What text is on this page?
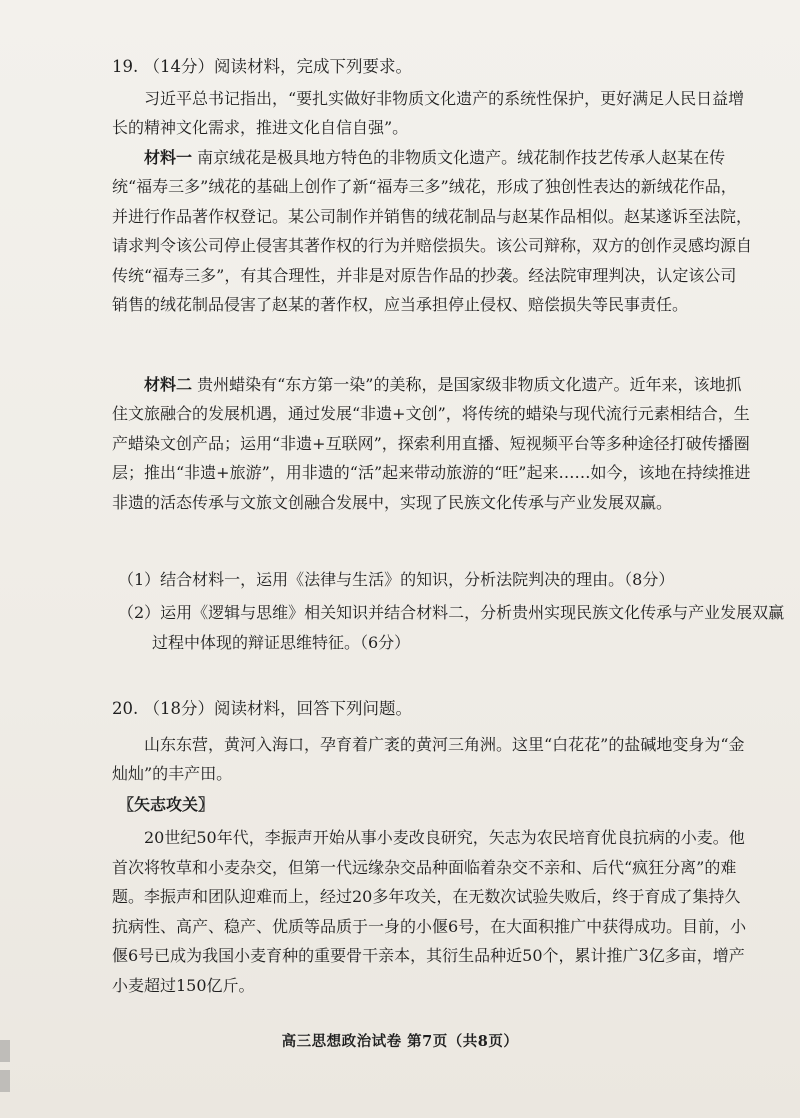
19. （14分）阅读材料，完成下列要求。
习近平总书记指出，“要扎实做好非物质文化遗产的系统性保护，更好满足人民日益增长的精神文化需求，推进文化自信自强”。
材料一 南京绒花是极具地方特色的非物质文化遗产。绒花制作技艺传承人赵某在传统“福寿三多”绒花的基础上创作了新“福寿三多”绒花，形成了独创性表达的新绒花作品，并进行作品著作权登记。某公司制作并销售的绒花制品与赵某作品相似。赵某遂诉至法院，请求判令该公司停止侵害其著作权的行为并赔偿损失。该公司辩称，双方的创作灵感均源自传统“福寿三多”，有其合理性，并非是对原告作品的抄袭。经法院审理判决，认定该公司销售的绒花制品侵害了赵某的著作权，应当承担停止侵权、赔偿损失等民事责任。
材料二 贵州蜡染有“东方第一染”的美称，是国家级非物质文化遗产。近年来，该地抓住文旅融合的发展机遇，通过发展“非遗+文创”，将传统的蜡染与现代流行元素相结合，生产蜡染文创产品；运用“非遗+互联网”，探索利用直播、短视频平台等多种途径打破传播圈层；推出“非遗+旅游”，用非遗的“活”起来带动旅游的“旺”起来……如今，该地在持续推进非遗的活态传承与文旅文创融合发展中，实现了民族文化传承与产业发展双赢。
（1）结合材料一，运用《法律与生活》的知识，分析法院判决的理由。（8分）
（2）运用《逻辑与思维》相关知识并结合材料二，分析贵州实现民族文化传承与产业发展双赢过程中体现的辩证思维特征。（6分）
20. （18分）阅读材料，回答下列问题。
山东东营，黄河入海口，孕育着广袤的黄河三角洲。这里“白花花”的盐碱地变身为“金灿灿”的丰产田。
〖矢志攻关〗
20世纪50年代，李振声开始从事小麦改良研究，矢志为农民培育优良抗病的小麦。他首次将牧草和小麦杂交，但第一代远缘杂交品种面临着杂交不亲和、后代“疯狂分离”的难题。李振声和团队迎难而上，经过20多年攻关，在无数次试验失败后，终于育成了集持久抗病性、高产、稳产、优质等品质于一身的小偃6号，在大面积推广中获得成功。目前，小偃6号已成为我国小麦育种的重要骨干亲本，其衍生品种近50个，累计推广3亿多亩，增产小麦超过150亿斤。
高三思想政治试卷 第7页（共8页）
